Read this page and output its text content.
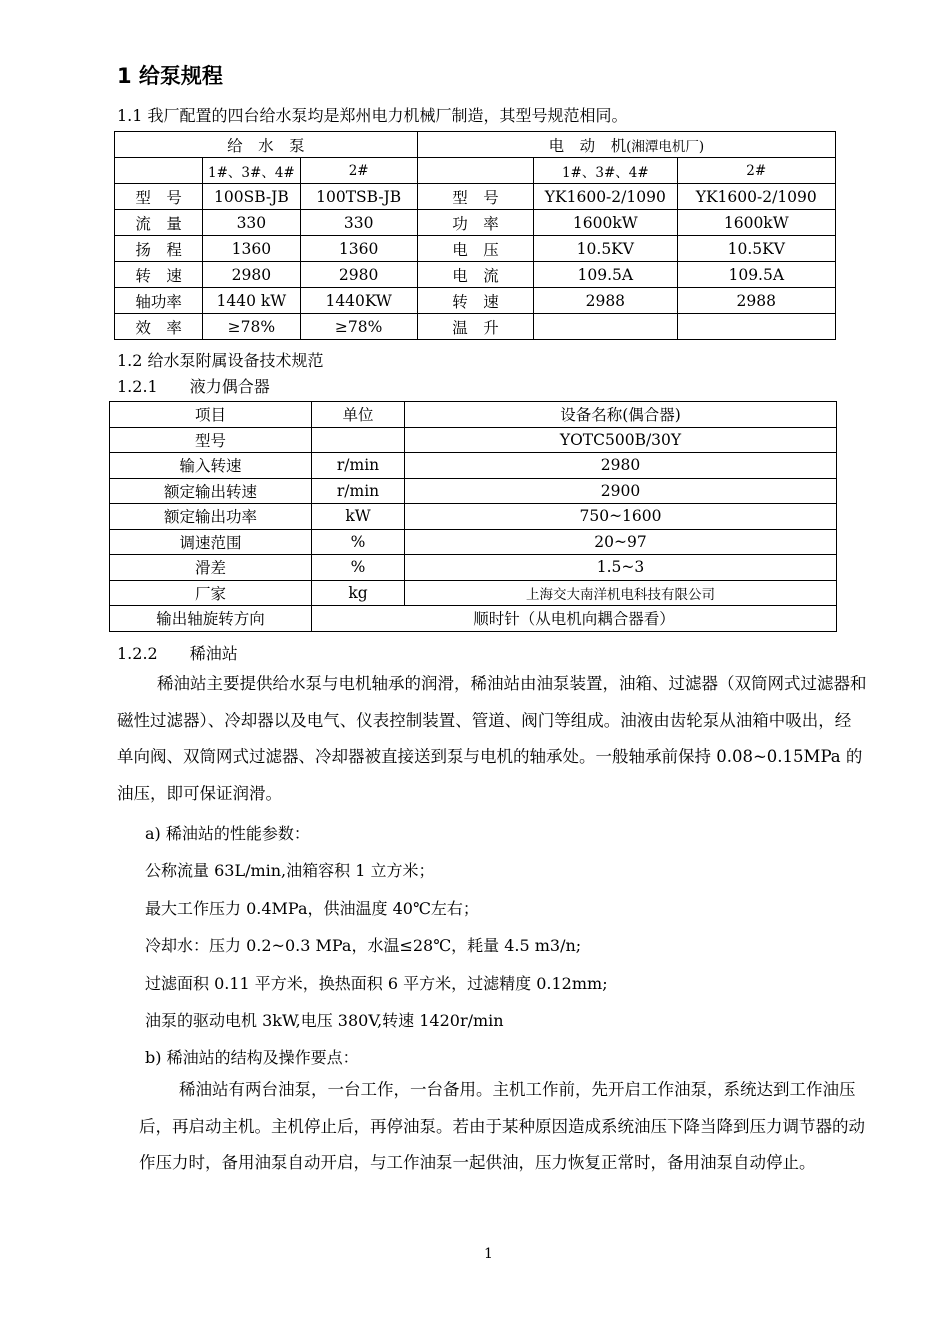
1 给泵规程
1.1 我厂配置的四台给水泵均是郑州电力机械厂制造，其型号规范相同。
给　水　泵			电　动　机(湘潭电机厂)		
	1#、3#、4#	2#		1#、3#、4#	2#
型　号	100SB-JB	100TSB-JB	型　号	YK1600-2/1090	YK1600-2/1090
流　量	330	330	功　率	1600kW	1600kW
扬　程	1360	1360	电　压	10.5KV	10.5KV
转　速	2980	2980	电　流	109.5A	109.5A
轴功率	1440 kW	1440KW	转　速	2988	2988
效　率	≥78%	≥78%	温　升		
1.2 给水泵附属设备技术规范
1.2.1　　液力偶合器
项目	单位	设备名称(偶合器)
型号		YOTC500B/30Y
输入转速	r/min	2980
额定输出转速	r/min	2900
额定输出功率	kW	750~1600
调速范围	%	20~97
滑差	%	1.5~3
厂家	kg	上海交大南洋机电科技有限公司
输出轴旋转方向	顺时针（从电机向耦合器看）	
1.2.2　　稀油站
稀油站主要提供给水泵与电机轴承的润滑，稀油站由油泵装置，油箱、过滤器（双筒网式过滤器和磁性过滤器）、冷却器以及电气、仪表控制装置、管道、阀门等组成。油液由齿轮泵从油箱中吸出，经单向阀、双筒网式过滤器、冷却器被直接送到泵与电机的轴承处。一般轴承前保持 0.08~0.15MPa 的油压，即可保证润滑。
a) 稀油站的性能参数：
公称流量 63L/min,油箱容积 1 立方米；
最大工作压力 0.4MPa，供油温度 40℃左右；
冷却水：压力 0.2~0.3 MPa，水温≤28℃，耗量 4.5 m3/n;
过滤面积 0.11 平方米，换热面积 6 平方米，过滤精度 0.12mm;
油泵的驱动电机 3kW,电压 380V,转速 1420r/min
b) 稀油站的结构及操作要点：
稀油站有两台油泵，一台工作，一台备用。主机工作前，先开启工作油泵，系统达到工作油压后，再启动主机。主机停止后，再停油泵。若由于某种原因造成系统油压下降当降到压力调节器的动作压力时，备用油泵自动开启，与工作油泵一起供油，压力恢复正常时，备用油泵自动停止。
1
